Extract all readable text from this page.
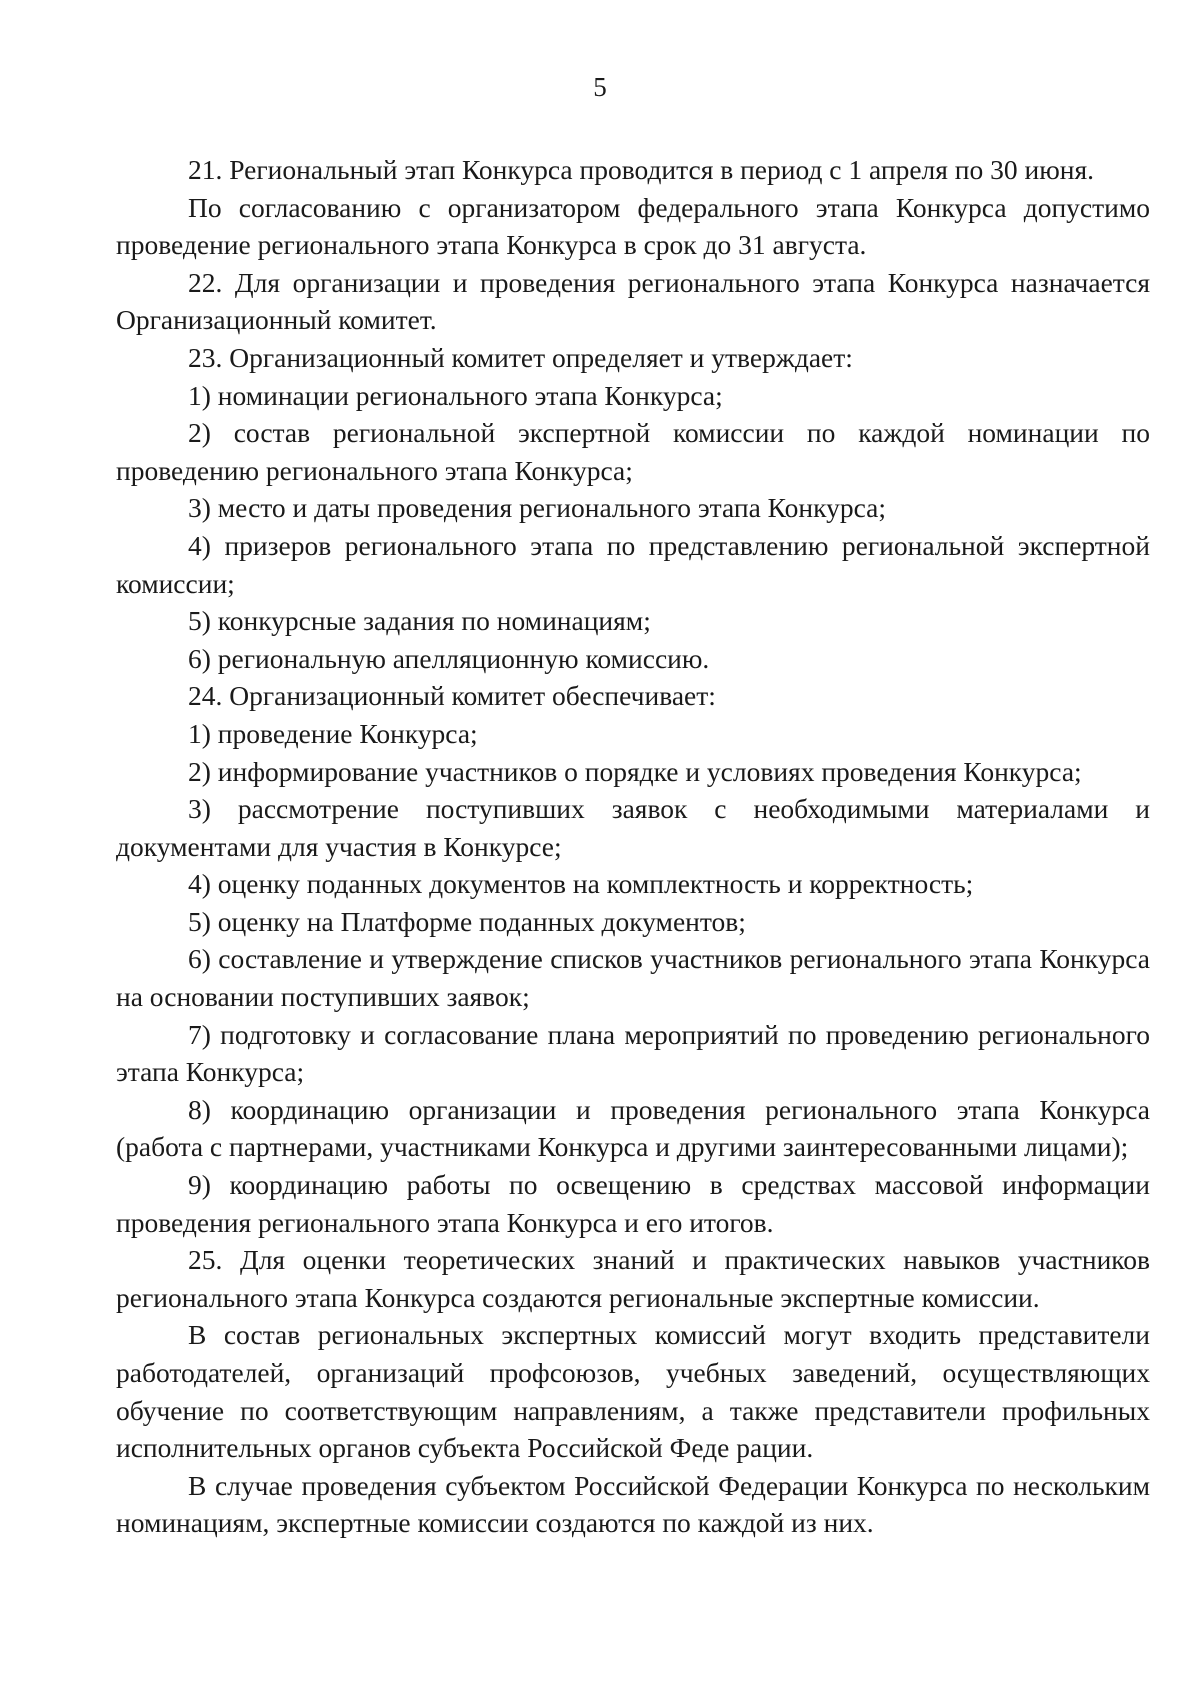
5

21. Региональный этап Конкурса проводится в период с 1 апреля по 30 июня.

По согласованию с организатором федерального этапа Конкурса допустимо проведение регионального этапа Конкурса в срок до 31 августа.

22. Для организации и проведения регионального этапа Конкурса назначается Организационный комитет.

23. Организационный комитет определяет и утверждает:

1) номинации регионального этапа Конкурса;

2) состав региональной экспертной комиссии по каждой номинации по проведению регионального этапа Конкурса;

3) место и даты проведения регионального этапа Конкурса;

4) призеров регионального этапа по представлению региональной экспертной комиссии;

5) конкурсные задания по номинациям;

6) региональную апелляционную комиссию.

24. Организационный комитет обеспечивает:

1) проведение Конкурса;

2) информирование участников о порядке и условиях проведения Конкурса;

3) рассмотрение поступивших заявок с необходимыми материалами и документами для участия в Конкурсе;

4) оценку поданных документов на комплектность и корректность;

5) оценку на Платформе поданных документов;

6) составление и утверждение списков участников регионального этапа Конкурса на основании поступивших заявок;

7) подготовку и согласование плана мероприятий по проведению регионального этапа Конкурса;

8) координацию организации и проведения регионального этапа Конкурса (работа с партнерами, участниками Конкурса и другими заинтересованными лицами);

9) координацию работы по освещению в средствах массовой информации проведения регионального этапа Конкурса и его итогов.

25. Для оценки теоретических знаний и практических навыков участников регионального этапа Конкурса создаются региональные экспертные комиссии.

В состав региональных экспертных комиссий могут входить представители работодателей, организаций профсоюзов, учебных заведений, осуществляющих обучение по соответствующим направлениям, а также представители профильных исполнительных органов субъекта Российской Феде рации.

В случае проведения субъектом Российской Федерации Конкурса по нескольким номинациям, экспертные комиссии создаются по каждой из них.
